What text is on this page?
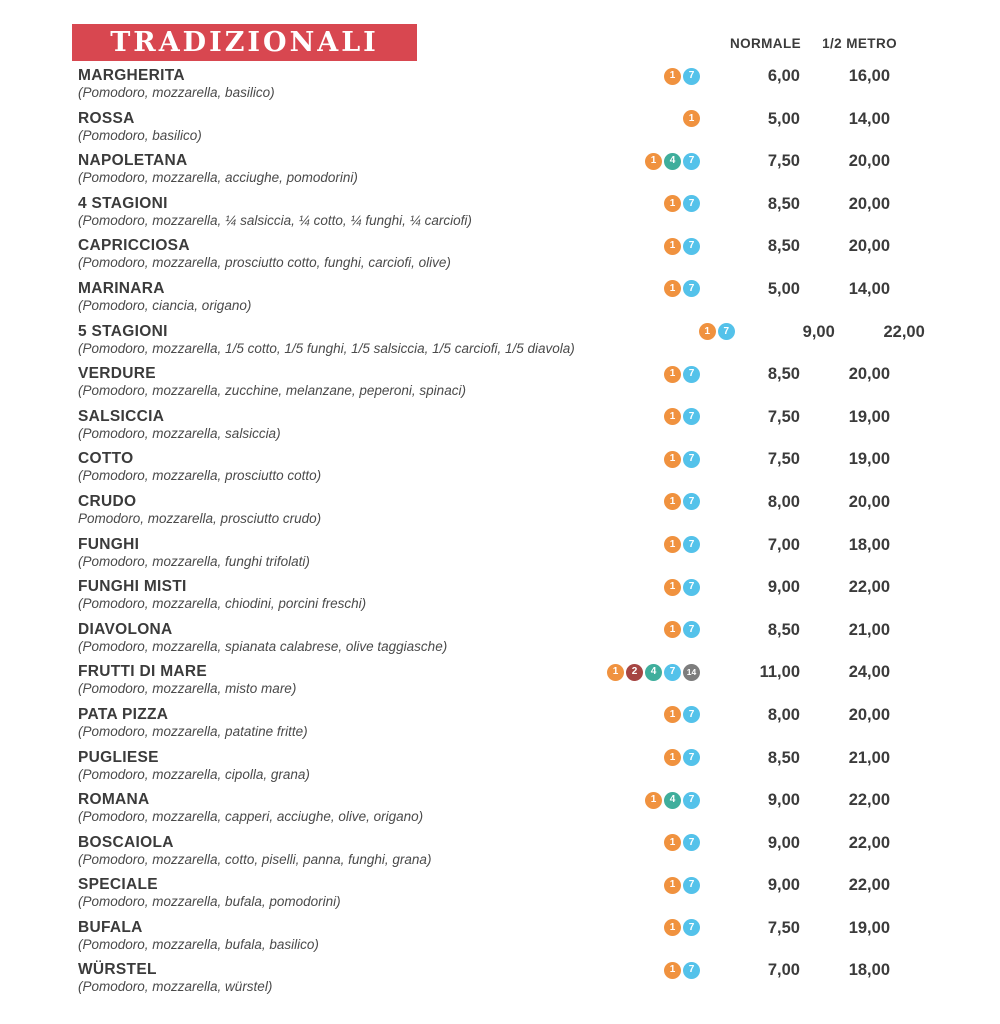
TRADIZIONALI	NORMALE 1/2 METRO
MARGHERITA
(Pomodoro, mozzarella, basilico)
1	7	6,00	16,00
ROSSA
(Pomodoro, basilico)
1	5,00	14,00
NAPOLETANA
(Pomodoro, mozzarella, acciughe, pomodorini)
1	4	7	7,50	20,00
4 STAGIONI
(Pomodoro, mozzarella, ¼ salsiccia, ¼ cotto, ¼ funghi, ¼ carciofi)
1	7	8,50	20,00
CAPRICCIOSA
(Pomodoro, mozzarella, prosciutto cotto, funghi, carciofi, olive)
1	7	8,50	20,00
MARINARA
(Pomodoro, ciancia, origano)
1	7	5,00	14,00
5 STAGIONI
(Pomodoro, mozzarella, 1/5 cotto, 1/5 funghi, 1/5 salsiccia, 1/5 carciofi, 1/5 diavola)
1	7	9,00	22,00
VERDURE
(Pomodoro, mozzarella, zucchine, melanzane, peperoni, spinaci)
1	7	8,50	20,00
SALSICCIA
(Pomodoro, mozzarella, salsiccia)
1	7	7,50	19,00
COTTO
(Pomodoro, mozzarella, prosciutto cotto)
1	7	7,50	19,00
CRUDO
Pomodoro, mozzarella, prosciutto crudo)
1	7	8,00	20,00
FUNGHI
(Pomodoro, mozzarella, funghi trifolati)
1	7	7,00	18,00
FUNGHI MISTI
(Pomodoro, mozzarella, chiodini, porcini freschi)
1	7	9,00	22,00
DIAVOLONA
(Pomodoro, mozzarella, spianata calabrese, olive taggiasche)
1	7	8,50	21,00
FRUTTI DI MARE
(Pomodoro, mozzarella, misto mare)
1	2	4	7	14	11,00	24,00
PATA PIZZA
(Pomodoro, mozzarella, patatine fritte)
1	7	8,00	20,00
PUGLIESE
(Pomodoro, mozzarella, cipolla, grana)
1	7	8,50	21,00
ROMANA
(Pomodoro, mozzarella, capperi, acciughe, olive, origano)
1	4	7	9,00	22,00
BOSCAIOLA
(Pomodoro, mozzarella, cotto, piselli, panna, funghi, grana)
1	7	9,00	22,00
SPECIALE
(Pomodoro, mozzarella, bufala, pomodorini)
1	7	9,00	22,00
BUFALA
(Pomodoro, mozzarella, bufala, basilico)
1	7	7,50	19,00
WÜRSTEL
(Pomodoro, mozzarella, würstel)
1	7	7,00	18,00
